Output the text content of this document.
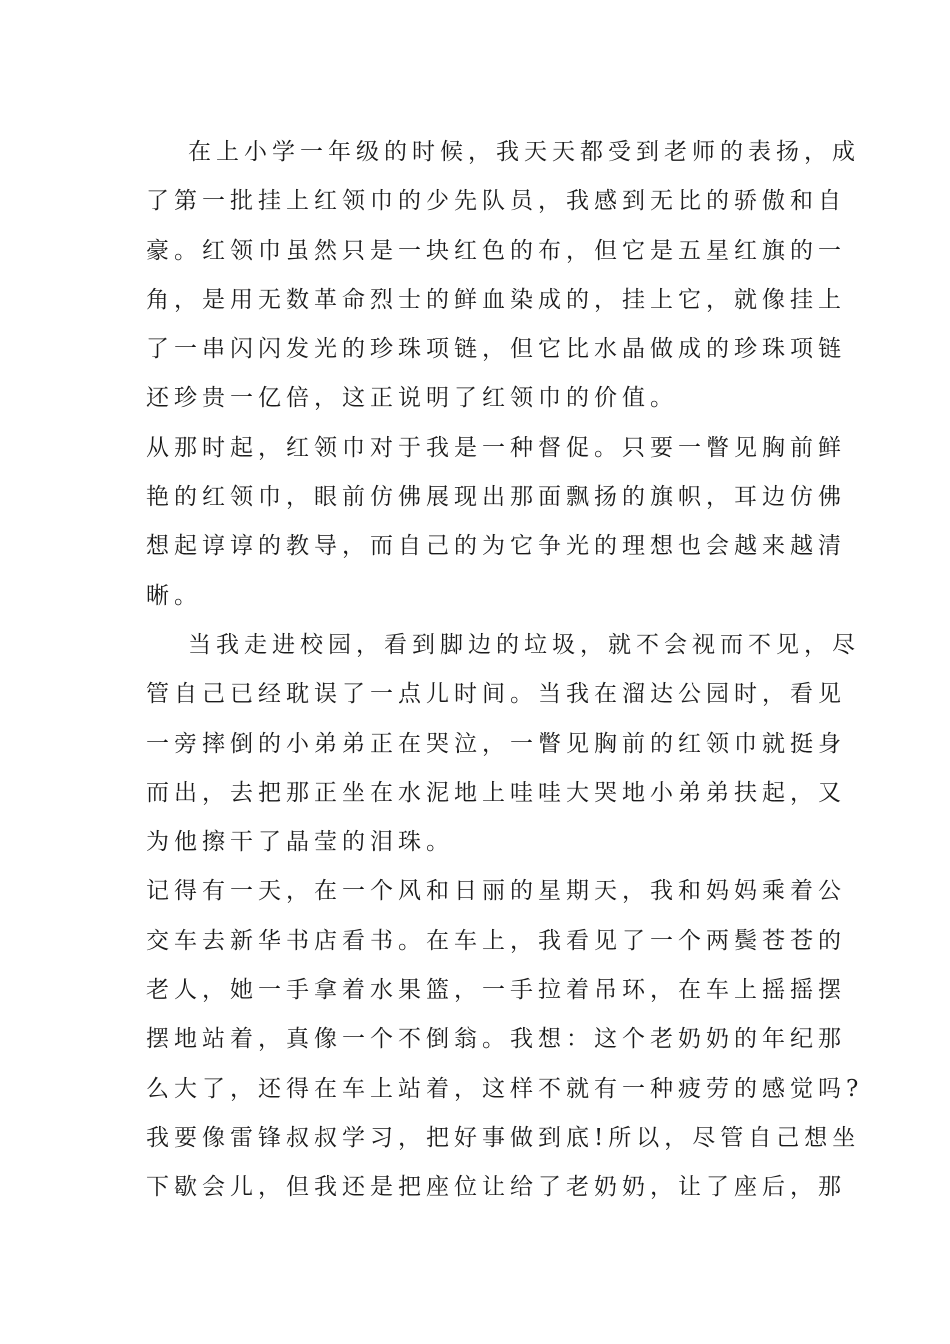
在上小学一年级的时候，我天天都受到老师的表扬，成
了第一批挂上红领巾的少先队员，我感到无比的骄傲和自
豪。红领巾虽然只是一块红色的布，但它是五星红旗的一
角，是用无数革命烈士的鲜血染成的，挂上它，就像挂上
了一串闪闪发光的珍珠项链，但它比水晶做成的珍珠项链
还珍贵一亿倍，这正说明了红领巾的价值。
从那时起，红领巾对于我是一种督促。只要一瞥见胸前鲜
艳的红领巾，眼前仿佛展现出那面飘扬的旗帜，耳边仿佛
想起谆谆的教导，而自己的为它争光的理想也会越来越清
晰。
当我走进校园，看到脚边的垃圾，就不会视而不见，尽
管自己已经耽误了一点儿时间。当我在溜达公园时，看见
一旁摔倒的小弟弟正在哭泣，一瞥见胸前的红领巾就挺身
而出，去把那正坐在水泥地上哇哇大哭地小弟弟扶起，又
为他擦干了晶莹的泪珠。
记得有一天，在一个风和日丽的星期天，我和妈妈乘着公
交车去新华书店看书。在车上，我看见了一个两鬓苍苍的
老人，她一手拿着水果篮，一手拉着吊环，在车上摇摇摆
摆地站着，真像一个不倒翁。我想：这个老奶奶的年纪那
么大了，还得在车上站着，这样不就有一种疲劳的感觉吗?
我要像雷锋叔叔学习，把好事做到底!所以，尽管自己想坐
下歇会儿，但我还是把座位让给了老奶奶，让了座后，那
